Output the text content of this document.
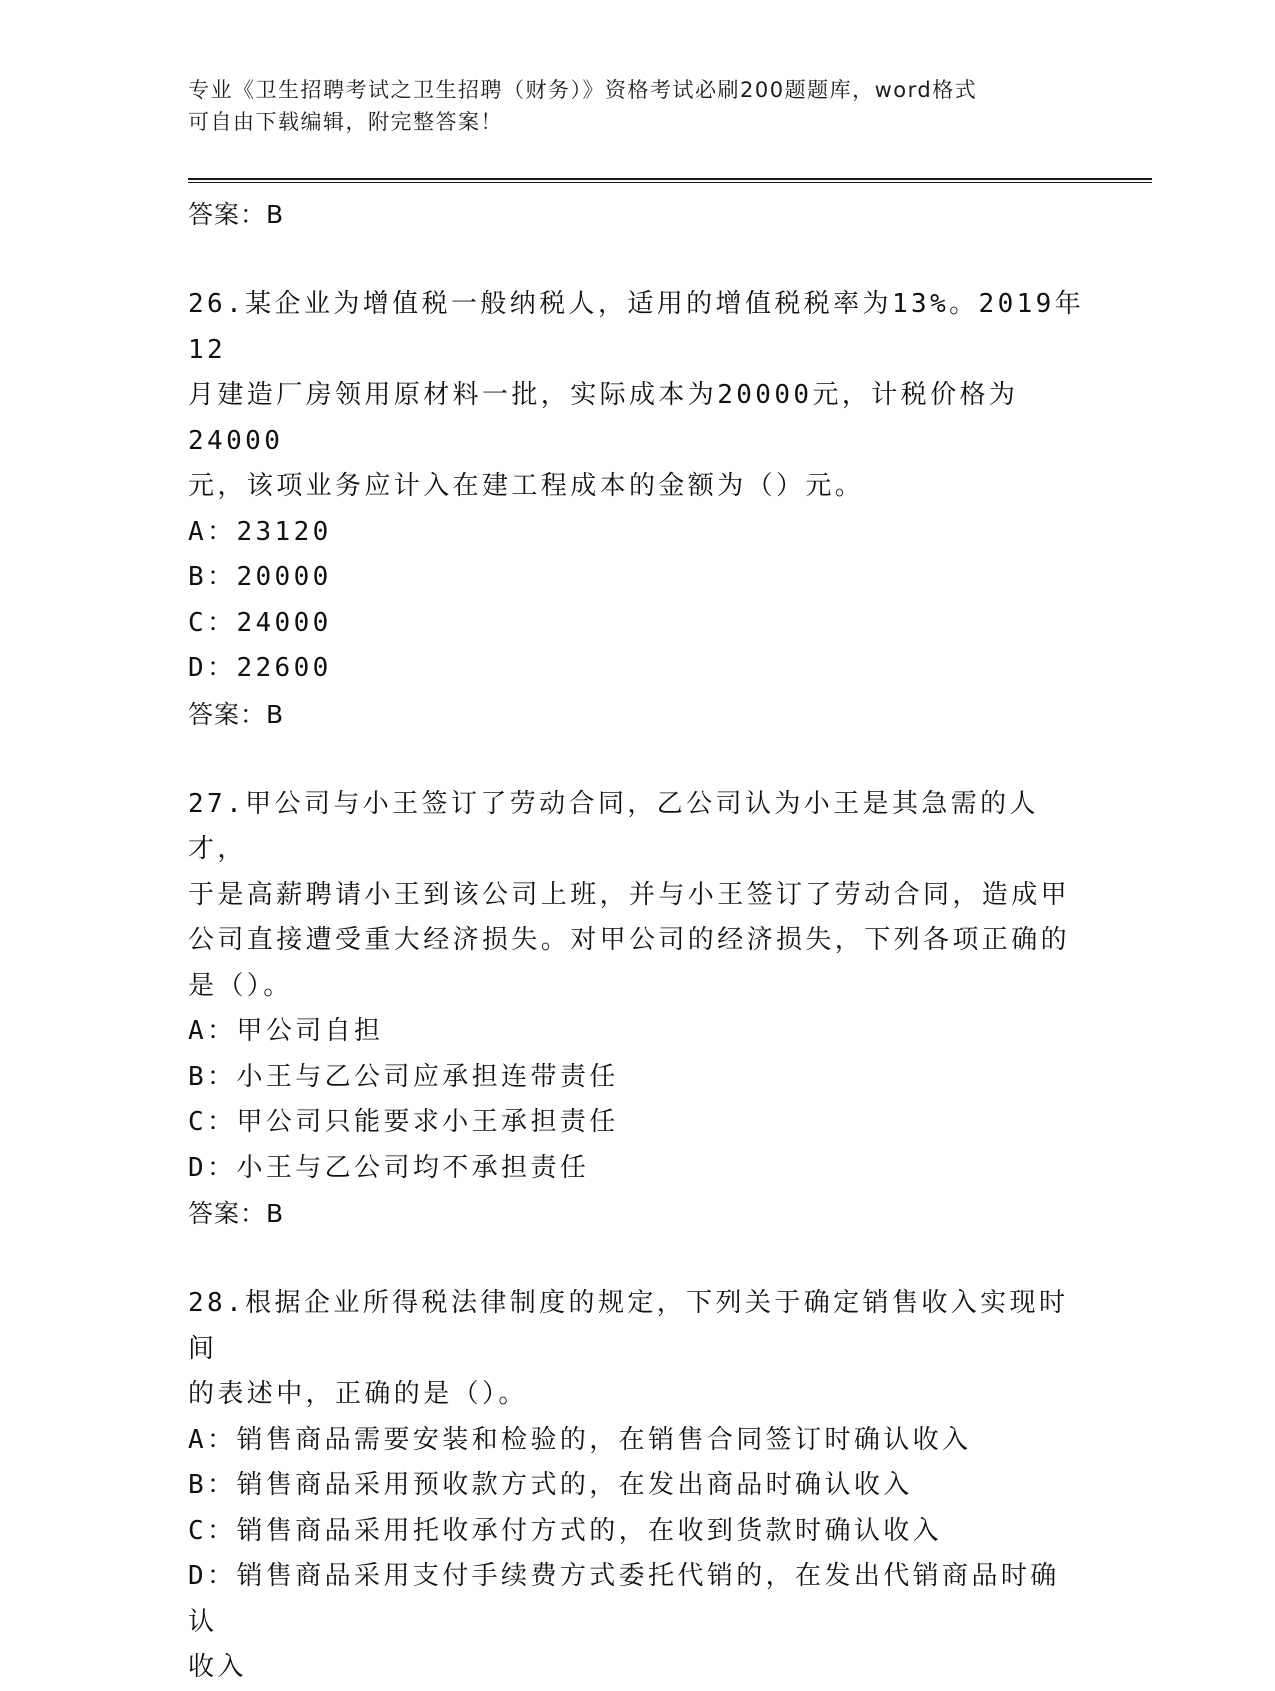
专业《卫生招聘考试之卫生招聘（财务）》资格考试必刷200题题库，word格式
可自由下载编辑，附完整答案！
答案：B
26.某企业为增值税一般纳税人，适用的增值税税率为13%。2019年12
月建造厂房领用原材料一批，实际成本为20000元，计税价格为24000
元，该项业务应计入在建工程成本的金额为（）元。
A：23120
B：20000
C：24000
D：22600
答案：B
27.甲公司与小王签订了劳动合同，乙公司认为小王是其急需的人才，
于是高薪聘请小王到该公司上班，并与小王签订了劳动合同，造成甲
公司直接遭受重大经济损失。对甲公司的经济损失，下列各项正确的
是（）。
A：甲公司自担
B：小王与乙公司应承担连带责任
C：甲公司只能要求小王承担责任
D：小王与乙公司均不承担责任
答案：B
28.根据企业所得税法律制度的规定，下列关于确定销售收入实现时间
的表述中，正确的是（）。
A：销售商品需要安装和检验的，在销售合同签订时确认收入
B：销售商品采用预收款方式的，在发出商品时确认收入
C：销售商品采用托收承付方式的，在收到货款时确认收入
D：销售商品采用支付手续费方式委托代销的，在发出代销商品时确认
收入
